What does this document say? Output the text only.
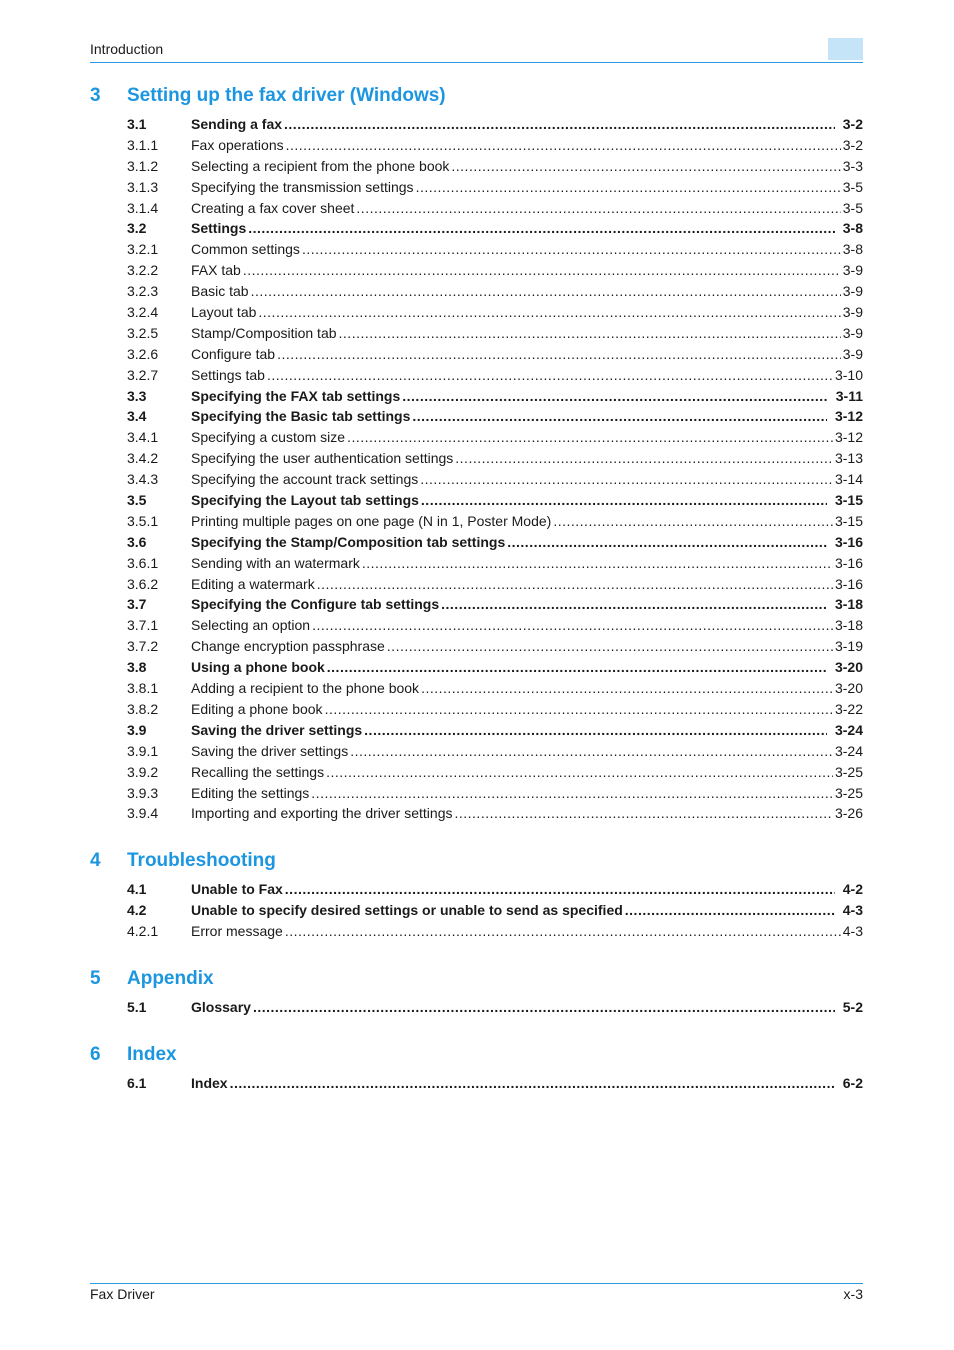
Introduction
3	Setting up the fax driver (Windows)
3.1	Sending a fax .....	3-2
3.1.1	Fax operations .....	3-2
3.1.2	Selecting a recipient from the phone book .....	3-3
3.1.3	Specifying the transmission settings .....	3-5
3.1.4	Creating a fax cover sheet .....	3-5
3.2	Settings .....	3-8
3.2.1	Common settings .....	3-8
3.2.2	FAX tab .....	3-9
3.2.3	Basic tab .....	3-9
3.2.4	Layout tab .....	3-9
3.2.5	Stamp/Composition tab .....	3-9
3.2.6	Configure tab .....	3-9
3.2.7	Settings tab .....	3-10
3.3	Specifying the FAX tab settings .....	3-11
3.4	Specifying the Basic tab settings .....	3-12
3.4.1	Specifying a custom size .....	3-12
3.4.2	Specifying the user authentication settings .....	3-13
3.4.3	Specifying the account track settings .....	3-14
3.5	Specifying the Layout tab settings .....	3-15
3.5.1	Printing multiple pages on one page (N in 1, Poster Mode) .....	3-15
3.6	Specifying the Stamp/Composition tab settings .....	3-16
3.6.1	Sending with an watermark .....	3-16
3.6.2	Editing a watermark .....	3-16
3.7	Specifying the Configure tab settings .....	3-18
3.7.1	Selecting an option .....	3-18
3.7.2	Change encryption passphrase .....	3-19
3.8	Using a phone book .....	3-20
3.8.1	Adding a recipient to the phone book .....	3-20
3.8.2	Editing a phone book .....	3-22
3.9	Saving the driver settings .....	3-24
3.9.1	Saving the driver settings .....	3-24
3.9.2	Recalling the settings .....	3-25
3.9.3	Editing the settings .....	3-25
3.9.4	Importing and exporting the driver settings .....	3-26
4	Troubleshooting
4.1	Unable to Fax .....	4-2
4.2	Unable to specify desired settings or unable to send as specified .....	4-3
4.2.1	Error message .....	4-3
5	Appendix
5.1	Glossary .....	5-2
6	Index
6.1	Index .....	6-2
Fax Driver	x-3
